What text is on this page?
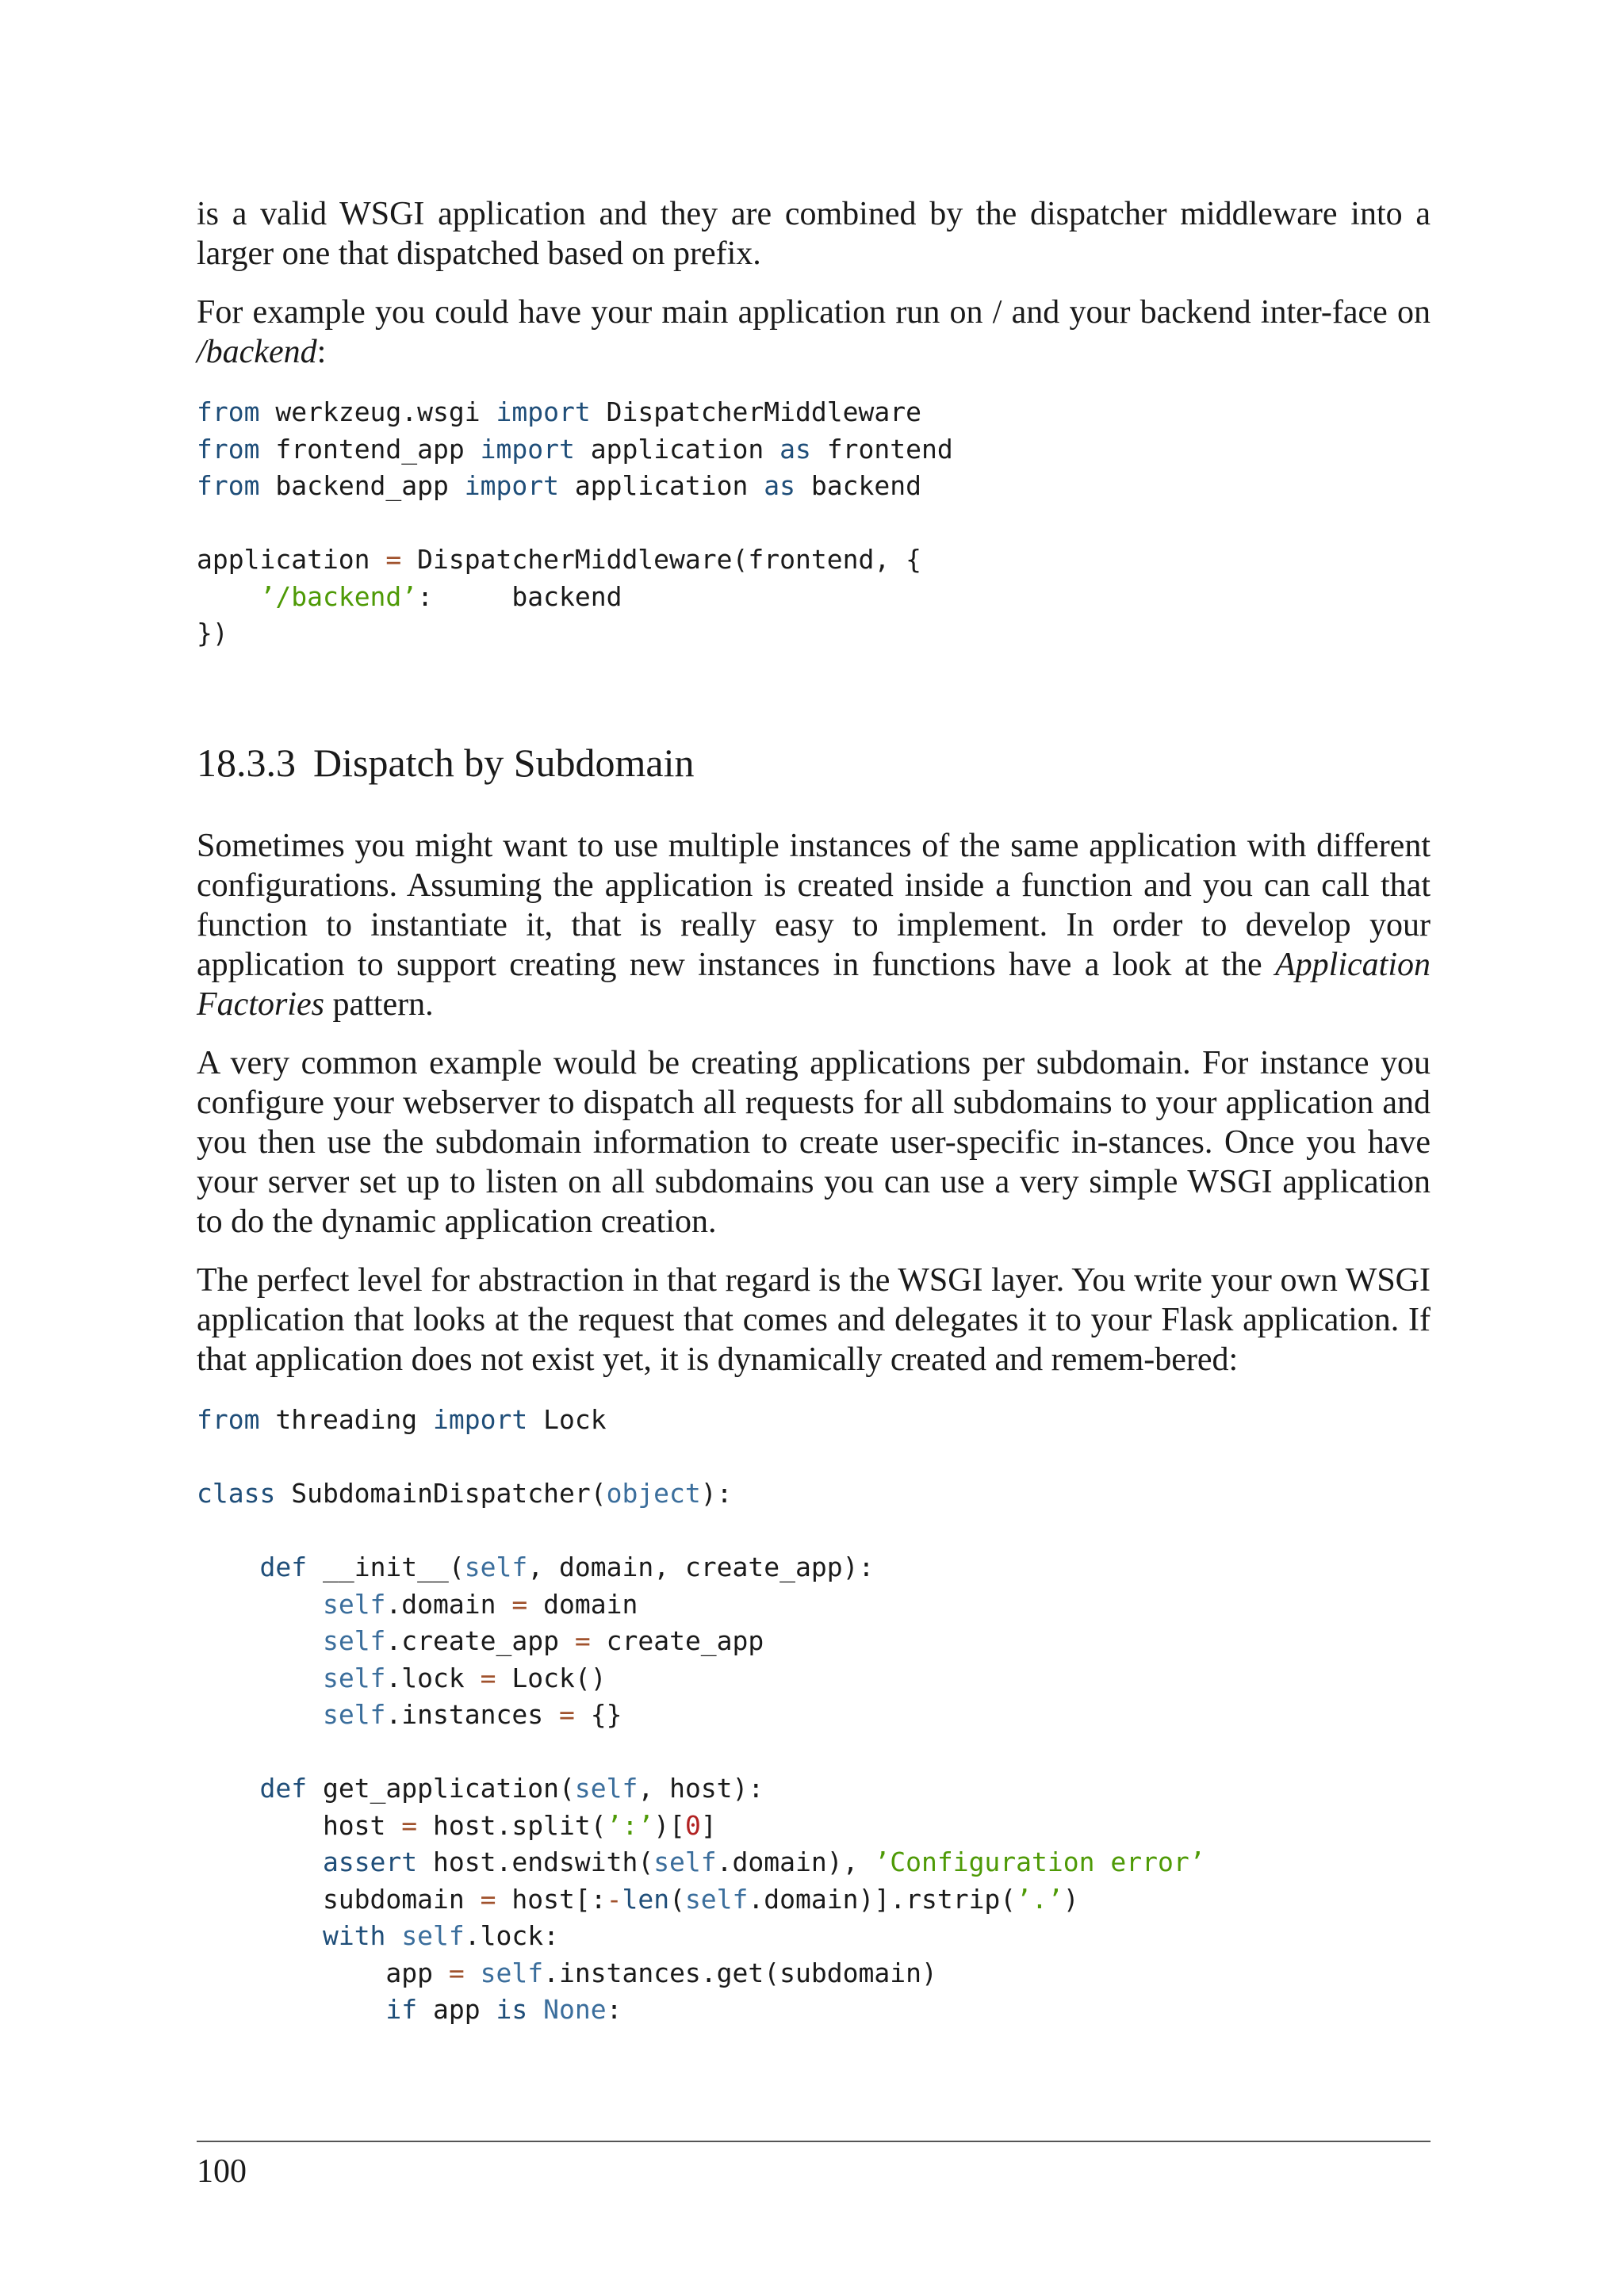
is a valid WSGI application and they are combined by the dispatcher middleware into a larger one that dispatched based on prefix.

For example you could have your main application run on / and your backend inter-face on /backend:

from werkzeug.wsgi import DispatcherMiddleware
from frontend_app import application as frontend
from backend_app import application as backend

application = DispatcherMiddleware(frontend, {
’/backend’:     backend
})
18.3.3 Dispatch by Subdomain

Sometimes you might want to use multiple instances of the same application with different configurations. Assuming the application is created inside a function and you can call that function to instantiate it, that is really easy to implement. In order to develop your application to support creating new instances in functions have a look at the Application Factories pattern.

A very common example would be creating applications per subdomain. For instance you configure your webserver to dispatch all requests for all subdomains to your application and you then use the subdomain information to create user-specific in-stances. Once you have your server set up to listen on all subdomains you can use a very simple WSGI application to do the dynamic application creation.

The perfect level for abstraction in that regard is the WSGI layer. You write your own WSGI application that looks at the request that comes and delegates it to your Flask application. If that application does not exist yet, it is dynamically created and remem-bered:

from threading import Lock

class SubdomainDispatcher(object):

def __init__(self, domain, create_app):
self.domain = domain
self.create_app = create_app
self.lock = Lock()
self.instances = {}

def get_application(self, host):
host = host.split(’:’)[0]
assert host.endswith(self.domain), ’Configuration error’
subdomain = host[:-len(self.domain)].rstrip(’.’)
with self.lock:
app = self.instances.get(subdomain)
if app is None:
100
